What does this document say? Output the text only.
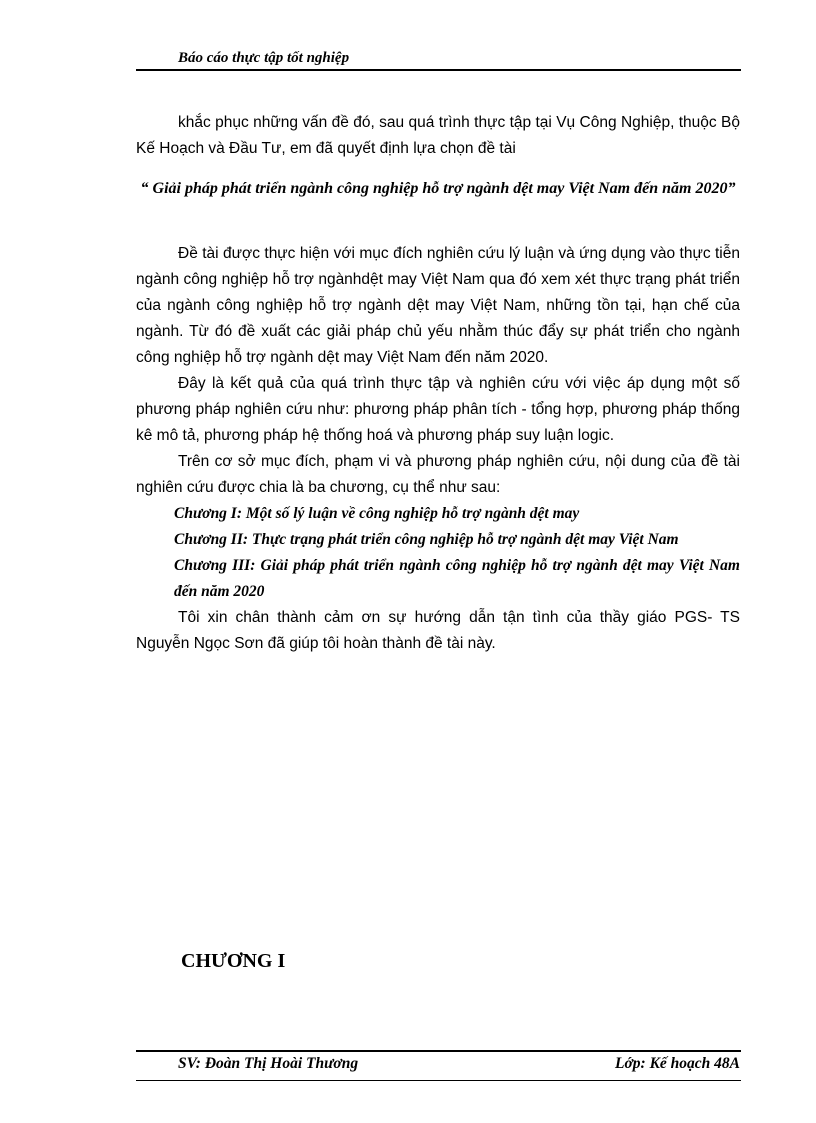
Báo cáo thực tập tốt nghiệp

khắc phục những vấn đề đó, sau quá trình thực tập tại Vụ Công Nghiệp, thuộc Bộ Kế Hoạch và Đầu Tư, em đã quyết định lựa chọn đề tài

“ Giải pháp phát triển ngành công nghiệp hỗ trợ ngành dệt may Việt Nam đến năm 2020”

Đề tài được thực hiện với mục đích nghiên cứu lý luận và ứng dụng vào thực tiễn ngành công nghiệp hỗ trợ ngànhdệt may Việt Nam qua đó xem xét thực trạng phát triển của ngành công nghiệp hỗ trợ ngành dệt may Việt Nam, những tồn tại, hạn chế của ngành. Từ đó đề xuất các giải pháp chủ yếu nhằm thúc đẩy sự phát triển cho ngành công nghiệp hỗ trợ ngành dệt may Việt Nam đến năm 2020.

Đây là kết quả của quá trình thực tập và nghiên cứu với việc áp dụng một số phương pháp nghiên cứu như: phương pháp phân tích - tổng hợp, phương pháp thống kê mô tả, phương pháp hệ thống hoá và phương pháp suy luận logic.

Trên cơ sở mục đích, phạm vi và phương pháp nghiên cứu, nội dung của đề tài nghiên cứu được chia là ba chương, cụ thể như sau:

Chương I: Một số lý luận về công nghiệp hỗ trợ ngành dệt may

Chương II: Thực trạng phát triển công nghiệp hỗ trợ ngành dệt may Việt Nam

Chương III: Giải pháp phát triển ngành công nghiệp hỗ trợ ngành dệt may Việt Nam đến năm 2020

Tôi xin chân thành cảm ơn sự hướng dẫn tận tình của thầy giáo PGS- TS Nguyễn Ngọc Sơn đã giúp tôi hoàn thành đề tài này.

CHƯƠNG I
SV: Đoàn Thị Hoài Thương	Lớp: Kế hoạch 48A
